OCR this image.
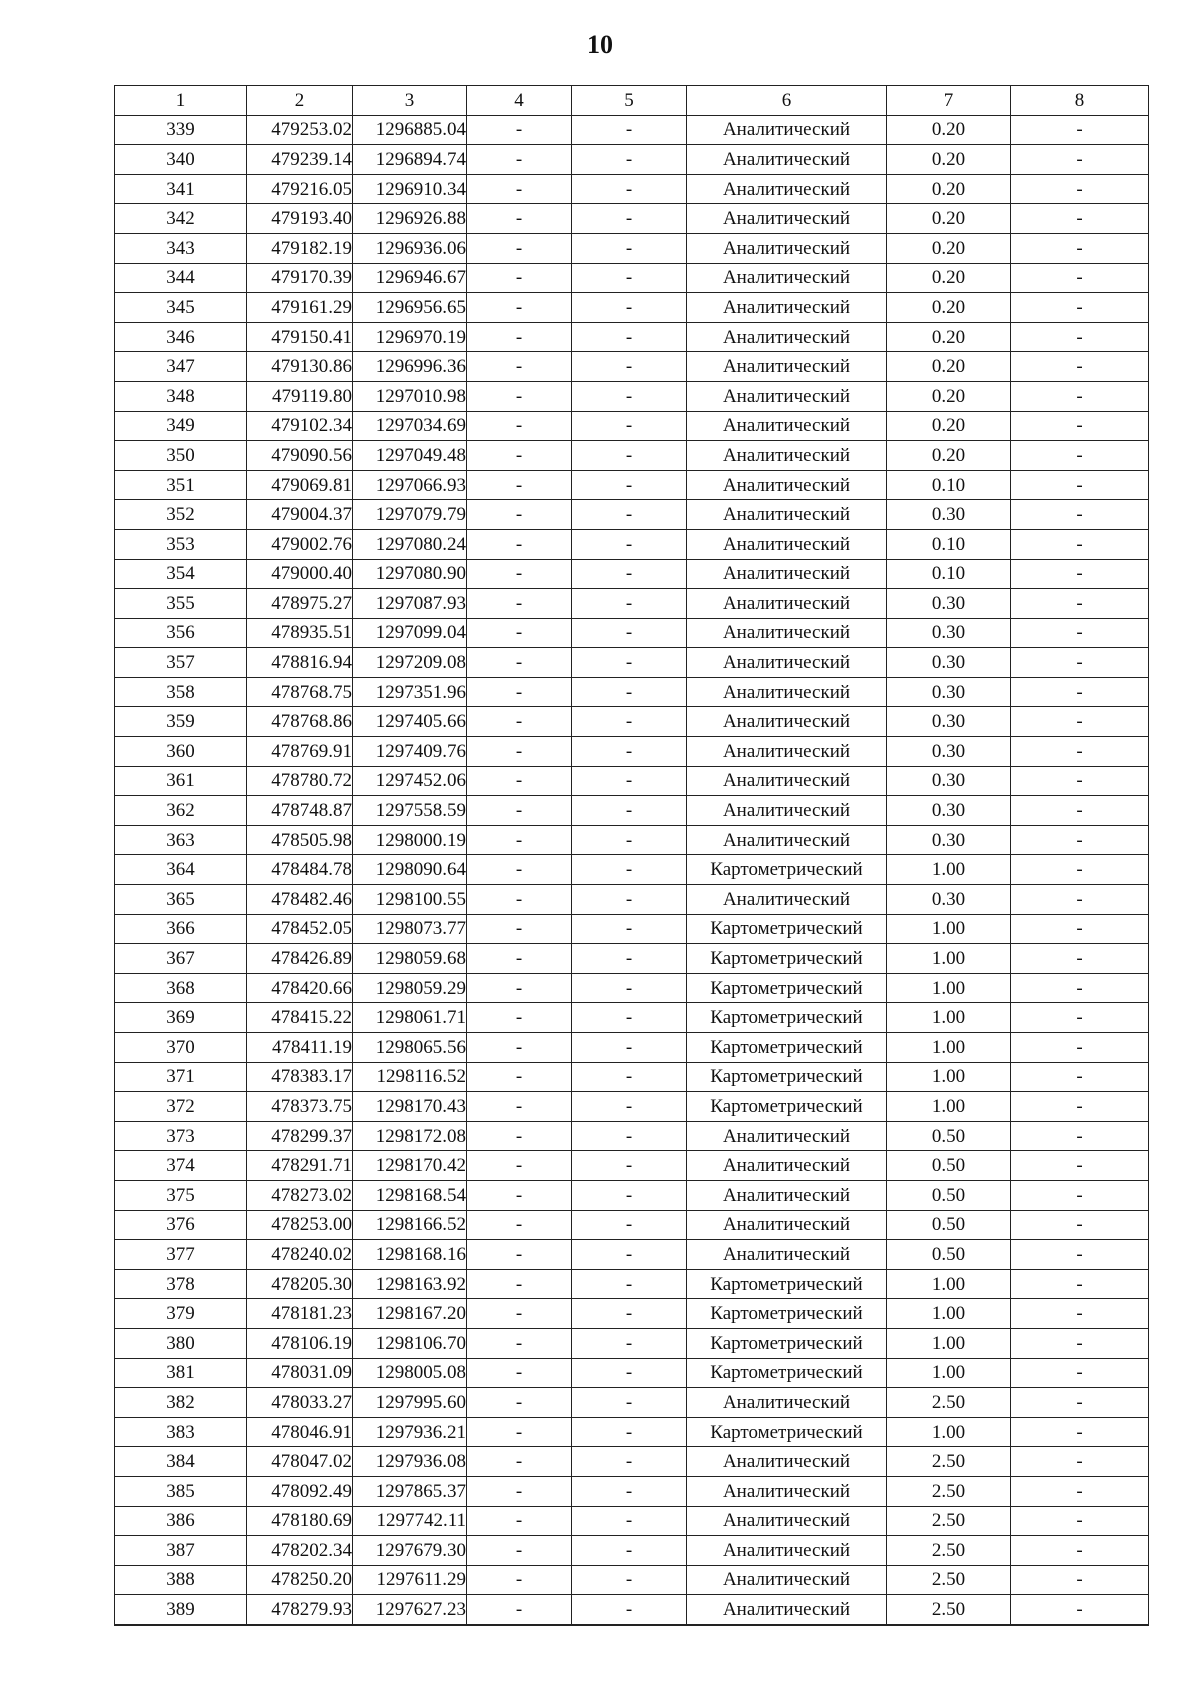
10
1	2	3	4	5	6	7	8
339	479253.02	1296885.04	-	-	Аналитический	0.20	-
340	479239.14	1296894.74	-	-	Аналитический	0.20	-
341	479216.05	1296910.34	-	-	Аналитический	0.20	-
342	479193.40	1296926.88	-	-	Аналитический	0.20	-
343	479182.19	1296936.06	-	-	Аналитический	0.20	-
344	479170.39	1296946.67	-	-	Аналитический	0.20	-
345	479161.29	1296956.65	-	-	Аналитический	0.20	-
346	479150.41	1296970.19	-	-	Аналитический	0.20	-
347	479130.86	1296996.36	-	-	Аналитический	0.20	-
348	479119.80	1297010.98	-	-	Аналитический	0.20	-
349	479102.34	1297034.69	-	-	Аналитический	0.20	-
350	479090.56	1297049.48	-	-	Аналитический	0.20	-
351	479069.81	1297066.93	-	-	Аналитический	0.10	-
352	479004.37	1297079.79	-	-	Аналитический	0.30	-
353	479002.76	1297080.24	-	-	Аналитический	0.10	-
354	479000.40	1297080.90	-	-	Аналитический	0.10	-
355	478975.27	1297087.93	-	-	Аналитический	0.30	-
356	478935.51	1297099.04	-	-	Аналитический	0.30	-
357	478816.94	1297209.08	-	-	Аналитический	0.30	-
358	478768.75	1297351.96	-	-	Аналитический	0.30	-
359	478768.86	1297405.66	-	-	Аналитический	0.30	-
360	478769.91	1297409.76	-	-	Аналитический	0.30	-
361	478780.72	1297452.06	-	-	Аналитический	0.30	-
362	478748.87	1297558.59	-	-	Аналитический	0.30	-
363	478505.98	1298000.19	-	-	Аналитический	0.30	-
364	478484.78	1298090.64	-	-	Картометрический	1.00	-
365	478482.46	1298100.55	-	-	Аналитический	0.30	-
366	478452.05	1298073.77	-	-	Картометрический	1.00	-
367	478426.89	1298059.68	-	-	Картометрический	1.00	-
368	478420.66	1298059.29	-	-	Картометрический	1.00	-
369	478415.22	1298061.71	-	-	Картометрический	1.00	-
370	478411.19	1298065.56	-	-	Картометрический	1.00	-
371	478383.17	1298116.52	-	-	Картометрический	1.00	-
372	478373.75	1298170.43	-	-	Картометрический	1.00	-
373	478299.37	1298172.08	-	-	Аналитический	0.50	-
374	478291.71	1298170.42	-	-	Аналитический	0.50	-
375	478273.02	1298168.54	-	-	Аналитический	0.50	-
376	478253.00	1298166.52	-	-	Аналитический	0.50	-
377	478240.02	1298168.16	-	-	Аналитический	0.50	-
378	478205.30	1298163.92	-	-	Картометрический	1.00	-
379	478181.23	1298167.20	-	-	Картометрический	1.00	-
380	478106.19	1298106.70	-	-	Картометрический	1.00	-
381	478031.09	1298005.08	-	-	Картометрический	1.00	-
382	478033.27	1297995.60	-	-	Аналитический	2.50	-
383	478046.91	1297936.21	-	-	Картометрический	1.00	-
384	478047.02	1297936.08	-	-	Аналитический	2.50	-
385	478092.49	1297865.37	-	-	Аналитический	2.50	-
386	478180.69	1297742.11	-	-	Аналитический	2.50	-
387	478202.34	1297679.30	-	-	Аналитический	2.50	-
388	478250.20	1297611.29	-	-	Аналитический	2.50	-
389	478279.93	1297627.23	-	-	Аналитический	2.50	-
